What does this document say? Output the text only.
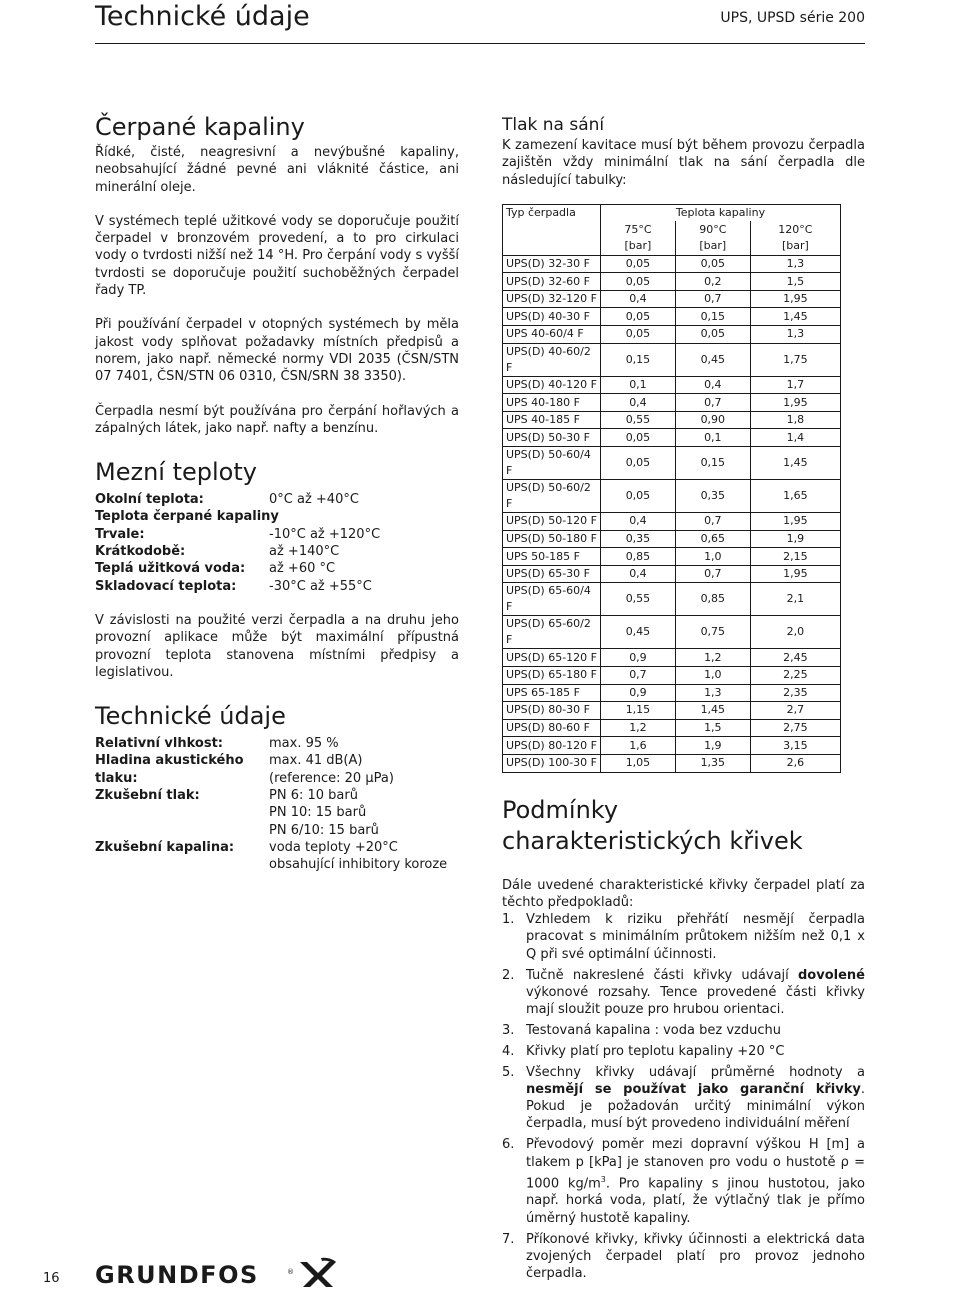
Technické údaje	UPS, UPSD série 200
Čerpané kapaliny

Řídké, čisté, neagresivní a nevýbušné kapaliny, neobsahující žádné pevné ani vláknité částice, ani minerální oleje.

V systémech teplé užitkové vody se doporučuje použití čerpadel v bronzovém provedení, a to pro cirkulaci vody o tvrdosti nižší než 14 °H. Pro čerpání vody s vyšší tvrdosti se doporučuje použití suchoběžných čerpadel řady TP.

Při používání čerpadel v otopných systémech by měla jakost vody splňovat požadavky místních předpisů a norem, jako např. německé normy VDI 2035 (ČSN/STN 07 7401, ČSN/STN 06 0310, ČSN/SRN 38 3350).

Čerpadla nesmí být používána pro čerpání hořlavých a zápalných látek, jako např. nafty a benzínu.

Mezní teploty
Okolní teplota:	0°C až +40°C
Teplota čerpané kapaliny
Trvale:	-10°C až +120°C
Krátkodobě:	až +140°C
Teplá užitková voda:	až +60 °C
Skladovací teplota:	-30°C až +55°C

V závislosti na použité verzi čerpadla a na druhu jeho provozní aplikace může být maximální přípustná provozní teplota stanovena místními předpisy a legislativou.

Technické údaje
Relativní vlhkost:	max. 95 %
Hladina akustického tlaku:
max. 41 dB(A)
(reference: 20 μPa)
Zkušební tlak:	PN 6: 10 barů
PN 10: 15 barů
PN 6/10: 15 barů
Zkušební kapalina:	voda teploty +20°C
obsahující inhibitory koroze
Tlak na sání

K zamezení kavitace musí být během provozu čerpadla zajištěn vždy minimální tlak na sání čerpadla dle následující tabulky:

Typ čerpadla	Teplota kapaliny		
	75°C	90°C	120°C
	[bar]	[bar]	[bar]
UPS(D) 32-30 F	0,05	0,05	1,3
UPS(D) 32-60 F	0,05	0,2	1,5
UPS(D) 32-120 F	0,4	0,7	1,95
UPS(D) 40-30 F	0,05	0,15	1,45
UPS 40-60/4 F	0,05	0,05	1,3
UPS(D) 40-60/2 F	0,15	0,45	1,75
UPS(D) 40-120 F	0,1	0,4	1,7
UPS 40-180 F	0,4	0,7	1,95
UPS 40-185 F	0,55	0,90	1,8
UPS(D) 50-30 F	0,05	0,1	1,4
UPS(D) 50-60/4 F	0,05	0,15	1,45
UPS(D) 50-60/2 F	0,05	0,35	1,65
UPS(D) 50-120 F	0,4	0,7	1,95
UPS(D) 50-180 F	0,35	0,65	1,9
UPS 50-185 F	0,85	1,0	2,15
UPS(D) 65-30 F	0,4	0,7	1,95
UPS(D) 65-60/4 F	0,55	0,85	2,1
UPS(D) 65-60/2 F	0,45	0,75	2,0
UPS(D) 65-120 F	0,9	1,2	2,45
UPS(D) 65-180 F	0,7	1,0	2,25
UPS 65-185 F	0,9	1,3	2,35
UPS(D) 80-30 F	1,15	1,45	2,7
UPS(D) 80-60 F	1,2	1,5	2,75
UPS(D) 80-120 F	1,6	1,9	3,15
UPS(D) 100-30 F	1,05	1,35	2,6
Podmínky
charakteristických křivek

Dále uvedené charakteristické křivky čerpadel platí za těchto předpokladů:

1. Vzhledem k riziku přehřátí nesmějí čerpadla pracovat s minimálním průtokem nižším než 0,1 x Q při své optimální účinnosti.
2. Tučně nakreslené části křivky udávají dovolené výkonové rozsahy. Tence provedené části křivky mají sloužit pouze pro hrubou orientaci.
3. Testovaná kapalina : voda bez vzduchu
4. Křivky platí pro teplotu kapaliny +20 °C
5. Všechny křivky udávají průměrné hodnoty a nesmějí se používat jako garanční křivky. Pokud je požadován určitý minimální výkon čerpadla, musí být provedeno individuální měření
6. Převodový poměr mezi dopravní výškou H [m] a tlakem p [kPa] je stanoven pro vodu o hustotě ρ = 1000 $kg/m^3$. Pro kapaliny s jinou hustotou, jako např. horká voda, platí, že výtlačný tlak je přímo úměrný hustotě kapaliny.
7. Příkonové křivky, křivky účinnosti a elektrická data zvojených čerpadel platí pro provoz jednoho čerpadla.
16 GRUNDFOS	®
